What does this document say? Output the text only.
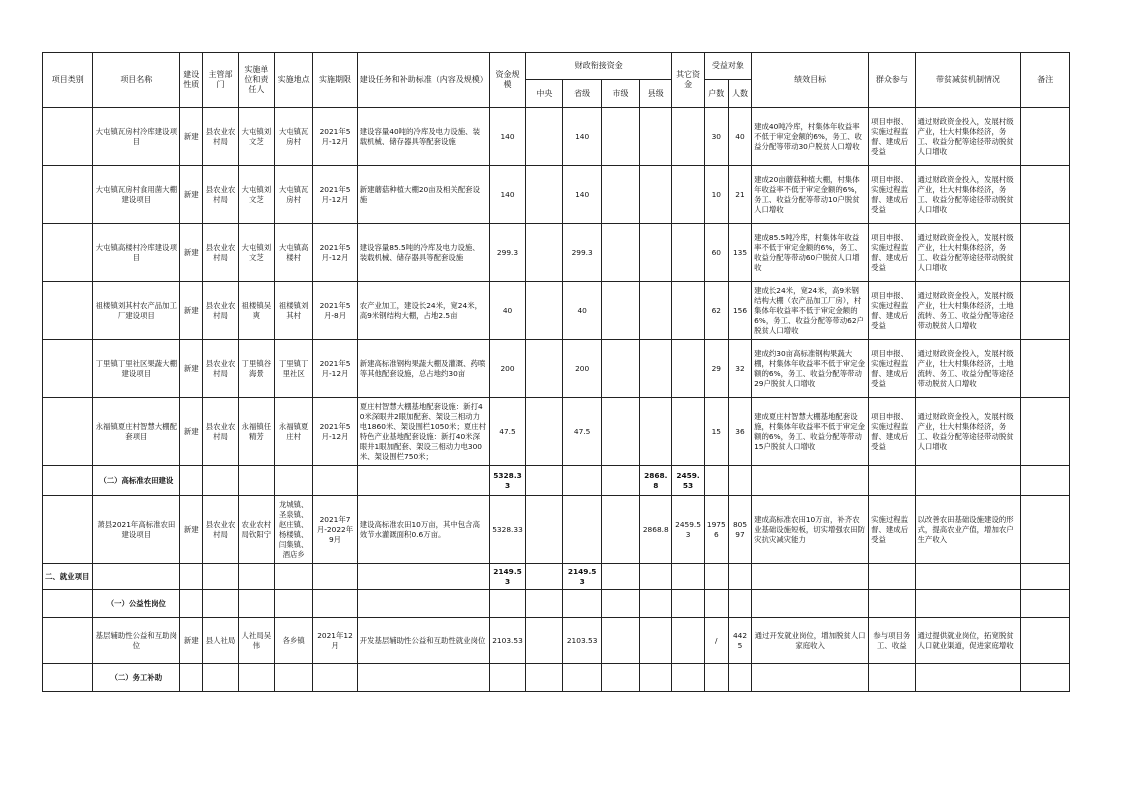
项目类别	项目名称	建设性质	主管部门	实施单位和责任人	实施地点	实施期限	建设任务和补助标准（内容及规模）	资金规模	财政衔接资金				其它资金	受益对象		绩效目标	群众参与	带贫减贫机制情况	备注
									中央	省级	市级	县级		户数	人数				
	大屯镇瓦房村冷库建设项目	新建	县农业农村局	大屯镇刘文芝	大屯镇瓦房村	2021年5月-12月	建设容量40吨的冷库及电力设施、装载机械、储存器具等配套设施	140		140				30	40	建成40吨冷库，村集体年收益率不低于审定金额的6%，务工、收益分配等带动30户脱贫人口增收	项目申报、实施过程监督、建成后受益	通过财政资金投入，发展村级产业，壮大村集体经济，务工、收益分配等途径带动脱贫人口增收	
	大屯镇瓦房村食用菌大棚建设项目	新建	县农业农村局	大屯镇刘文芝	大屯镇瓦房村	2021年5月-12月	新建蘑菇种植大棚20亩及相关配套设施	140		140				10	21	建成20亩蘑菇种植大棚，村集体年收益率不低于审定金额的6%，务工、收益分配等带动10户脱贫人口增收	项目申报、实施过程监督、建成后受益	通过财政资金投入，发展村级产业，壮大村集体经济，务工、收益分配等途径带动脱贫人口增收	
	大屯镇高楼村冷库建设项目	新建	县农业农村局	大屯镇刘文芝	大屯镇高楼村	2021年5月-12月	建设容量85.5吨的冷库及电力设施、装载机械、储存器具等配套设施	299.3		299.3				60	135	建成85.5吨冷库，村集体年收益率不低于审定金额的6%，务工、收益分配等带动60户脱贫人口增收	项目申报、实施过程监督、建成后受益	通过财政资金投入，发展村级产业，壮大村集体经济，务工、收益分配等途径带动脱贫人口增收	
	祖楼镇刘其村农产品加工厂建设项目	新建	县农业农村局	祖楼镇吴爽	祖楼镇刘其村	2021年5月-8月	农产业加工，建设长24米，宽24米，高9米钢结构大棚，占地2.5亩	40		40				62	156	建成长24米，宽24米，高9米钢结构大棚（农产品加工厂房），村集体年收益率不低于审定金额的6%，务工、收益分配等带动62户脱贫人口增收	项目申报、实施过程监督、建成后受益	通过财政资金投入，发展村级产业，壮大村集体经济，土地流转、务工、收益分配等途径带动脱贫人口增收	
	丁里镇丁里社区果蔬大棚建设项目	新建	县农业农村局	丁里镇谷海景	丁里镇丁里社区	2021年5月-12月	新建高标准钢构果蔬大棚及灌溉、药喷等其他配套设施，总占地约30亩	200		200				29	32	建成约30亩高标准钢构果蔬大棚，村集体年收益率不低于审定金额的6%，务工、收益分配等带动29户脱贫人口增收	项目申报、实施过程监督、建成后受益	通过财政资金投入，发展村级产业，壮大村集体经济，土地流转、务工、收益分配等途径带动脱贫人口增收	
	永福镇夏庄村智慧大棚配套项目	新建	县农业农村局	永福镇任精芳	永福镇夏庄村	2021年5月-12月	夏庄村智慧大棚基地配套设施：新打40米深眼井2眼加配套、架设三相动力电1860米、架设围栏1050米；夏庄村特色产业基地配套设施：新打40米深眼井1眼加配套、架设三相动力电300米、架设围栏750米；	47.5		47.5				15	36	建成夏庄村智慧大棚基地配套设施，村集体年收益率不低于审定金额的6%，务工、收益分配等带动15户脱贫人口增收	项目申报、实施过程监督、建成后受益	通过财政资金投入，发展村级产业，壮大村集体经济，务工、收益分配等途径带动脱贫人口增收	
	（二）高标准农田建设							5328.33				2868.8	2459.53						
	萧县2021年高标准农田建设项目	新建	县农业农村局	农业农村局钦阳宁	龙城镇、圣泉镇、赵庄镇、杨楼镇、闫集镇、酒店乡	2021年7月-2022年9月	建设高标准农田10万亩，其中包含高效节水灌溉面积0.6万亩。	5328.33				2868.8	2459.53	19756	80597	建成高标准农田10万亩，补齐农业基础设施短板，切实增强农田防灾抗灾减灾能力	实施过程监督、建成后受益	以改善农田基础设施建设的形式，提高农业产值，增加农户生产收入	
二、就业项目								2149.53		2149.53									
	（一）公益性岗位																		
	基层辅助性公益和互助岗位	新建	县人社局	人社局吴伟	各乡镇	2021年12月	开发基层辅助性公益和互助性就业岗位	2103.53		2103.53				/	4425	通过开发就业岗位，增加脱贫人口家庭收入	参与项目务工、收益	通过提供就业岗位，拓宽脱贫人口就业渠道，促进家庭增收	
	（二）务工补助																		
